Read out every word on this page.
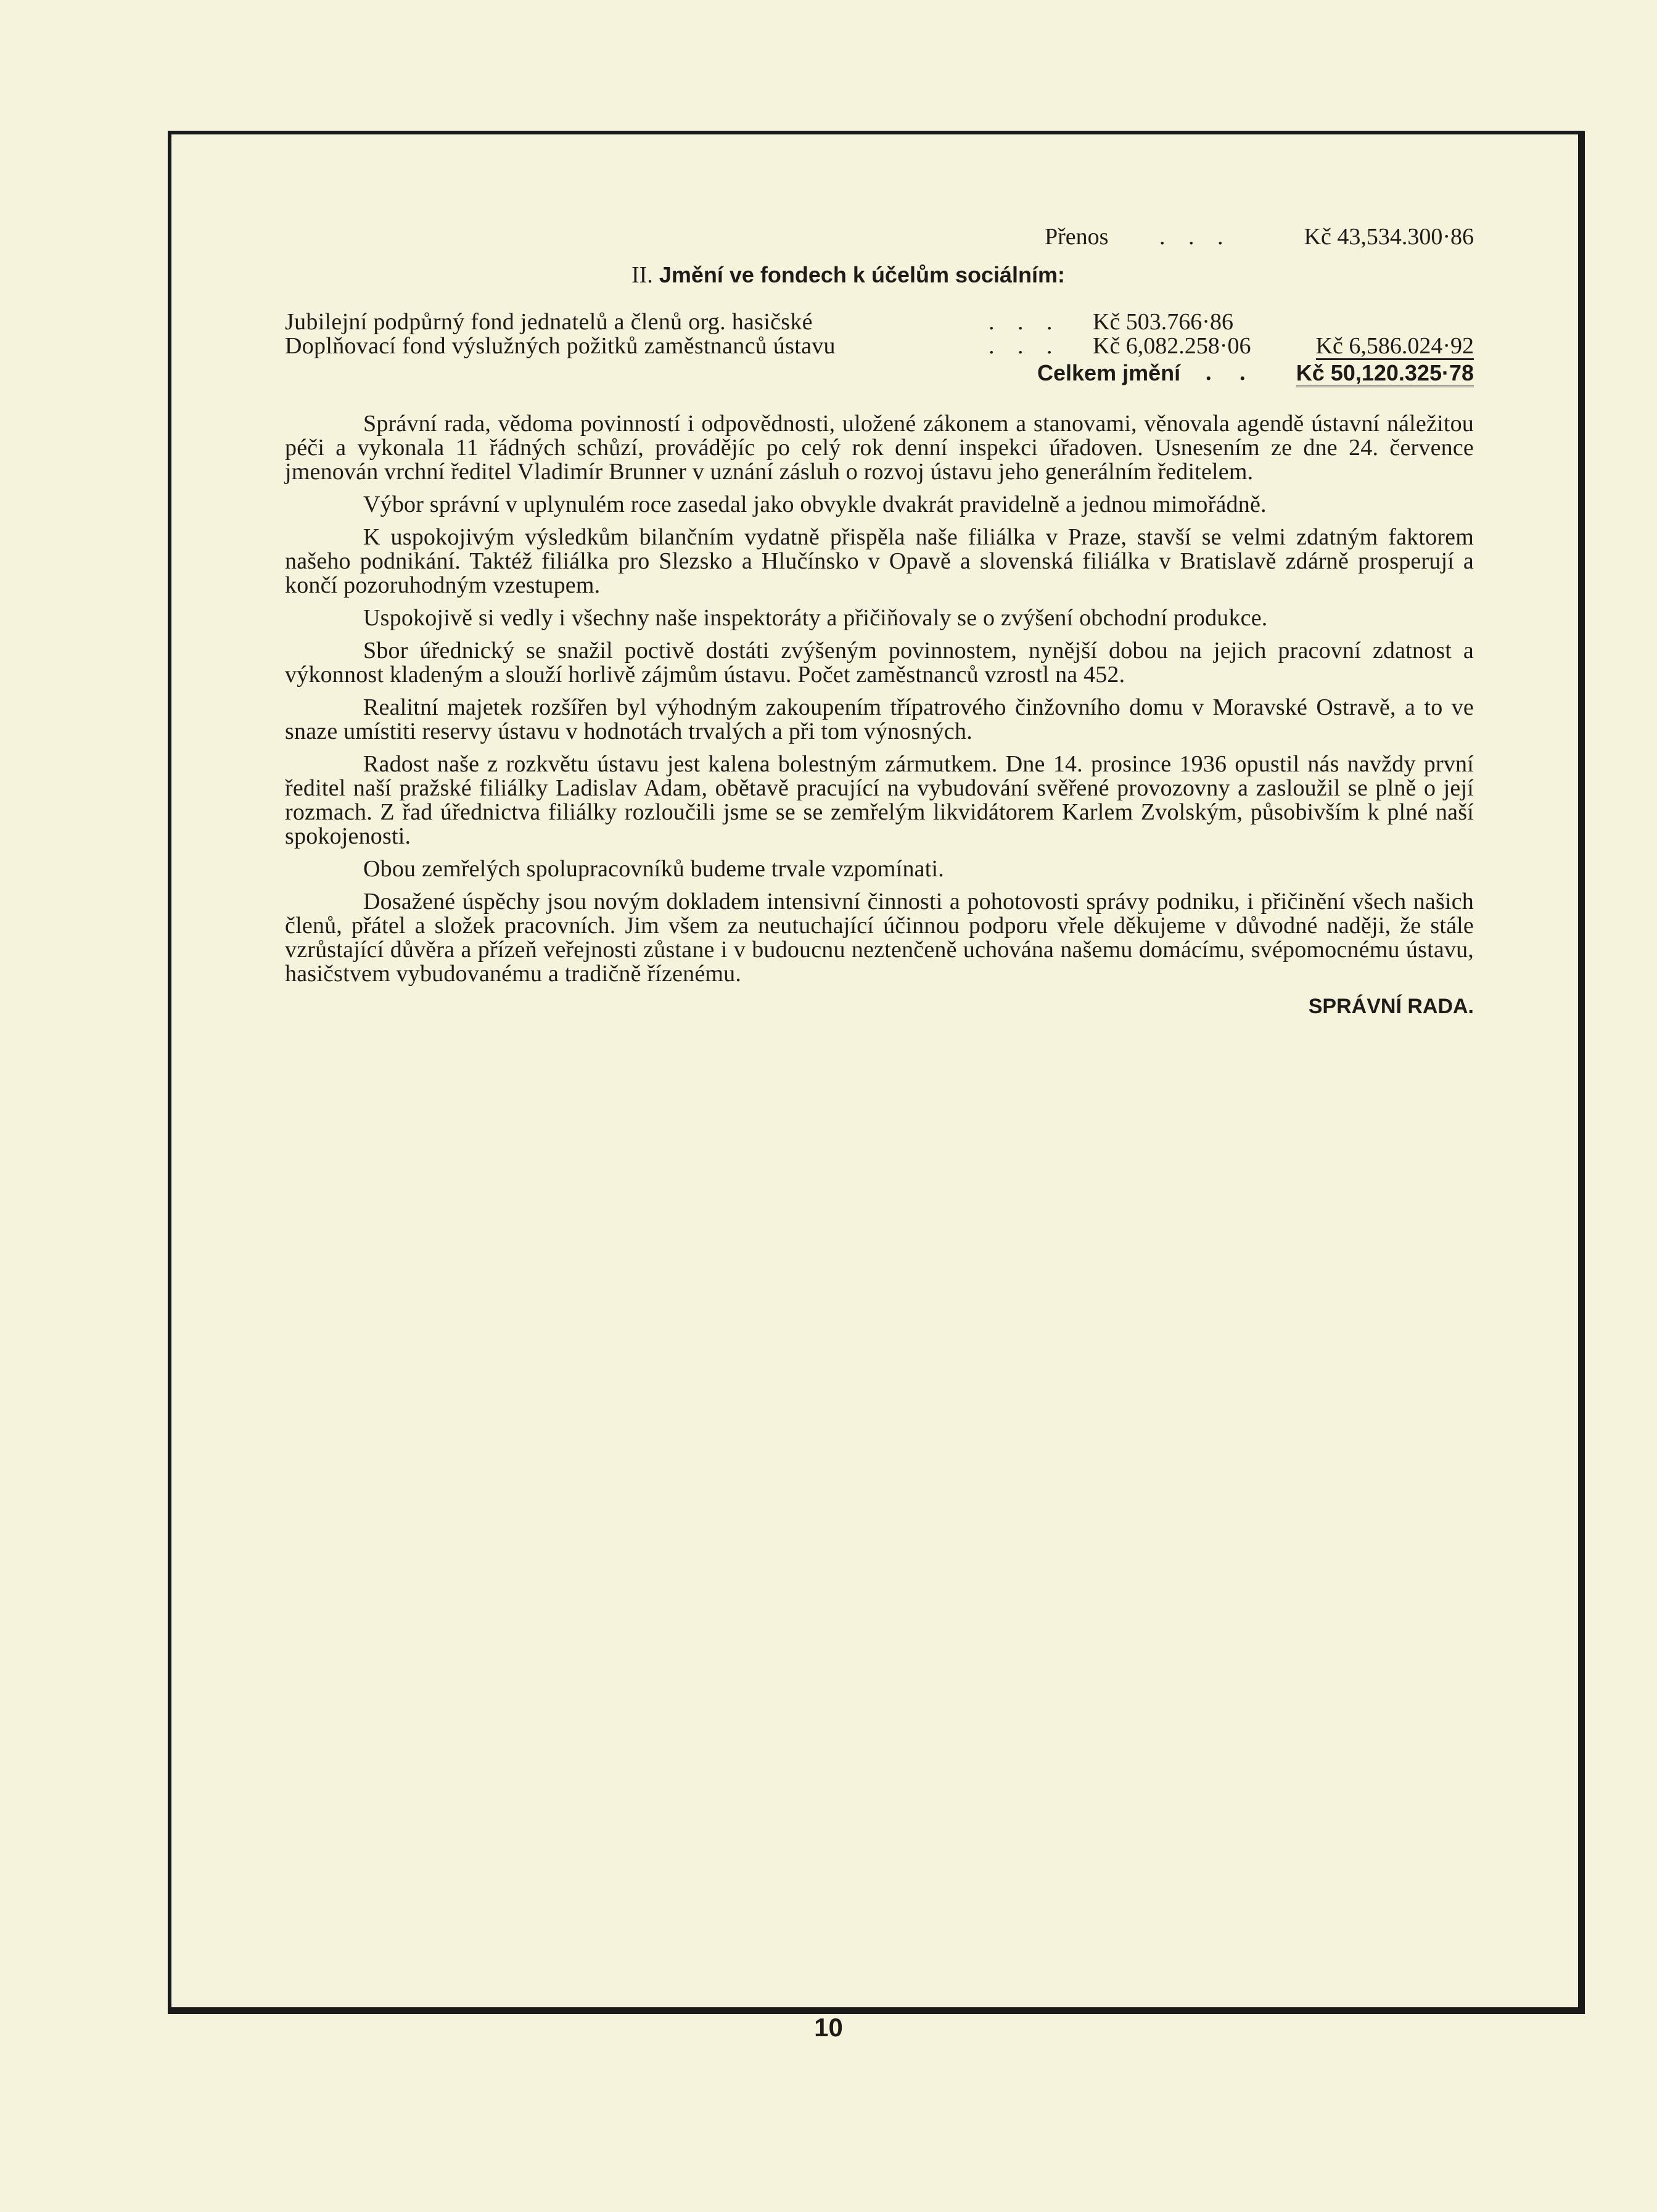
Přenos . . .	Kč 43,534.300·86
II. Jmění ve fondech k účelům sociálním:
Jubilejní podpůrný fond jednatelů a členů org. hasičské	. . . Kč 503.766·86
Doplňovací fond výslužných požitků zaměstnanců ústavu	. . . Kč 6,082.258·06	Kč 6,586.024·92
Celkem jmění . . Kč 50,120.325·78

Správní rada, vědoma povinností i odpovědnosti, uložené zákonem a stanovami, věnovala agendě ústavní náležitou péči a vykonala 11 řádných schůzí, provádějíc po celý rok denní inspekci úřadoven. Usnesením ze dne 24. července jmenován vrchní ředitel Vladimír Brunner v uznání zásluh o rozvoj ústavu jeho generálním ředitelem.

Výbor správní v uplynulém roce zasedal jako obvykle dvakrát pravidelně a jednou mimořádně.

K uspokojivým výsledkům bilančním vydatně přispěla naše filiálka v Praze, stavší se velmi zdatným faktorem našeho podnikání. Taktéž filiálka pro Slezsko a Hlučínsko v Opavě a slovenská filiálka v Bratislavě zdárně prosperují a končí pozoruhodným vzestupem.

Uspokojivě si vedly i všechny naše inspektoráty a přičiňovaly se o zvýšení obchodní produkce.

Sbor úřednický se snažil poctivě dostáti zvýšeným povinnostem, nynější dobou na jejich pracovní zdatnost a výkonnost kladeným a slouží horlivě zájmům ústavu. Počet zaměstnanců vzrostl na 452.

Realitní majetek rozšířen byl výhodným zakoupením třípatrového činžovního domu v Moravské Ostravě, a to ve snaze umístiti reservy ústavu v hodnotách trvalých a při tom výnosných.

Radost naše z rozkvětu ústavu jest kalena bolestným zármutkem. Dne 14. prosince 1936 opustil nás navždy první ředitel naší pražské filiálky Ladislav Adam, obětavě pracující na vybudování svěřené provozovny a zasloužil se plně o její rozmach. Z řad úřednictva filiálky rozloučili jsme se se zemřelým likvidátorem Karlem Zvolským, působivším k plné naší spokojenosti.

Obou zemřelých spolupracovníků budeme trvale vzpomínati.

Dosažené úspěchy jsou novým dokladem intensivní činnosti a pohotovosti správy podniku, i přičinění všech našich členů, přátel a složek pracovních. Jim všem za neutuchající účinnou podporu vřele děkujeme v důvodné naději, že stále vzrůstající důvěra a přízeň veřejnosti zůstane i v budoucnu neztenčeně uchována našemu domácímu, svépomocnému ústavu, hasičstvem vybudovanému a tradičně řízenému.

SPRÁVNÍ RADA.
10
